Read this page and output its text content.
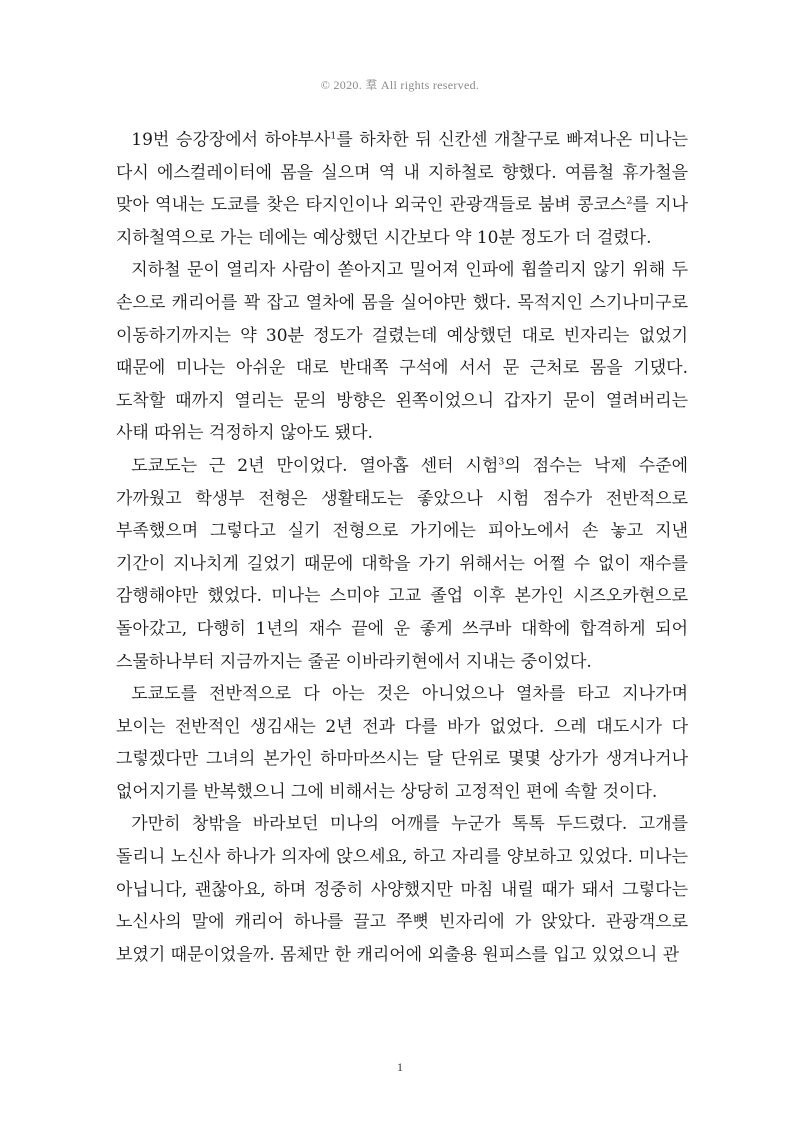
© 2020. 羣 All rights reserved.

19번 승강장에서 하야부사$^1$를 하차한 뒤 신칸센 개찰구로 빠져나온 미나는 다시 에스컬레이터에 몸을 실으며 역 내 지하철로 향했다. 여름철 휴가철을 맞아 역내는 도쿄를 찾은 타지인이나 외국인 관광객들로 붐벼 콩코스$^2$를 지나 지하철역으로 가는 데에는 예상했던 시간보다 약 10분 정도가 더 걸렸다.

지하철 문이 열리자 사람이 쏟아지고 밀어져 인파에 휩쓸리지 않기 위해 두 손으로 캐리어를 꽉 잡고 열차에 몸을 실어야만 했다. 목적지인 스기나미구로 이동하기까지는 약 30분 정도가 걸렸는데 예상했던 대로 빈자리는 없었기 때문에 미나는 아쉬운 대로 반대쪽 구석에 서서 문 근처로 몸을 기댔다. 도착할 때까지 열리는 문의 방향은 왼쪽이었으니 갑자기 문이 열려버리는 사태 따위는 걱정하지 않아도 됐다.

도쿄도는 근 2년 만이었다. 열아홉 센터 시험$^3$의 점수는 낙제 수준에 가까웠고 학생부 전형은 생활태도는 좋았으나 시험 점수가 전반적으로 부족했으며 그렇다고 실기 전형으로 가기에는 피아노에서 손 놓고 지낸 기간이 지나치게 길었기 때문에 대학을 가기 위해서는 어쩔 수 없이 재수를 감행해야만 했었다. 미나는 스미야 고교 졸업 이후 본가인 시즈오카현으로 돌아갔고, 다행히 1년의 재수 끝에 운 좋게 쓰쿠바 대학에 합격하게 되어 스물하나부터 지금까지는 줄곧 이바라키현에서 지내는 중이었다.

도쿄도를 전반적으로 다 아는 것은 아니었으나 열차를 타고 지나가며 보이는 전반적인 생김새는 2년 전과 다를 바가 없었다. 으레 대도시가 다 그렇겠다만 그녀의 본가인 하마마쓰시는 달 단위로 몇몇 상가가 생겨나거나 없어지기를 반복했으니 그에 비해서는 상당히 고정적인 편에 속할 것이다.

가만히 창밖을 바라보던 미나의 어깨를 누군가 톡톡 두드렸다. 고개를 돌리니 노신사 하나가 의자에 앉으세요, 하고 자리를 양보하고 있었다. 미나는 아닙니다, 괜찮아요, 하며 정중히 사양했지만 마침 내릴 때가 돼서 그렇다는 노신사의 말에 캐리어 하나를 끌고 쭈뼛 빈자리에 가 앉았다. 관광객으로 보였기 때문이었을까. 몸체만 한 캐리어에 외출용 원피스를 입고 있었으니 관

1
